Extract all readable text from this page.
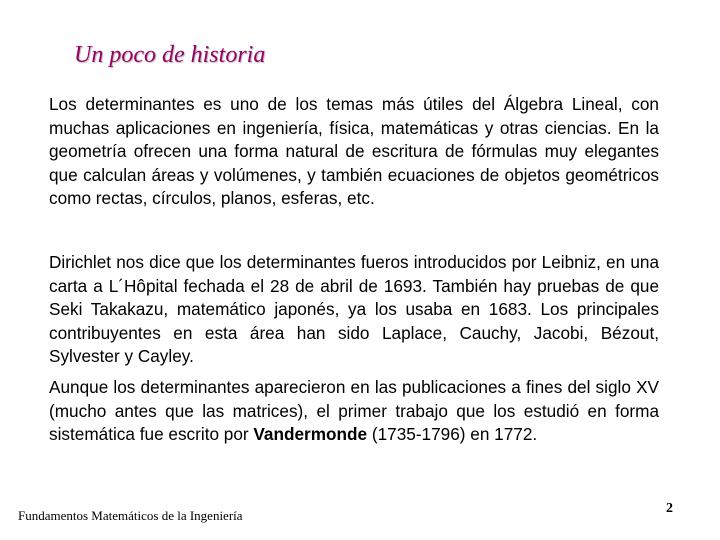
Un poco de historia

Los determinantes es uno de los temas más útiles del Álgebra Lineal, con muchas aplicaciones en ingeniería, física, matemáticas y otras ciencias. En la geometría ofrecen una forma natural de escritura de fórmulas muy elegantes que calculan áreas y volúmenes, y también ecuaciones de objetos geométricos como rectas, círculos, planos, esferas, etc.

Dirichlet nos dice que los determinantes fueros introducidos por Leibniz, en una carta a L´Hôpital fechada el 28 de abril de 1693. También hay pruebas de que Seki Takakazu, matemático japonés, ya los usaba en 1683. Los principales contribuyentes en esta área han sido Laplace, Cauchy, Jacobi, Bézout, Sylvester y Cayley.

Aunque los determinantes aparecieron en las publicaciones a fines del siglo XV (mucho antes que las matrices), el primer trabajo que los estudió en forma sistemática fue escrito por Vandermonde (1735-1796) en 1772.

Fundamentos Matemáticos de la Ingeniería	2
